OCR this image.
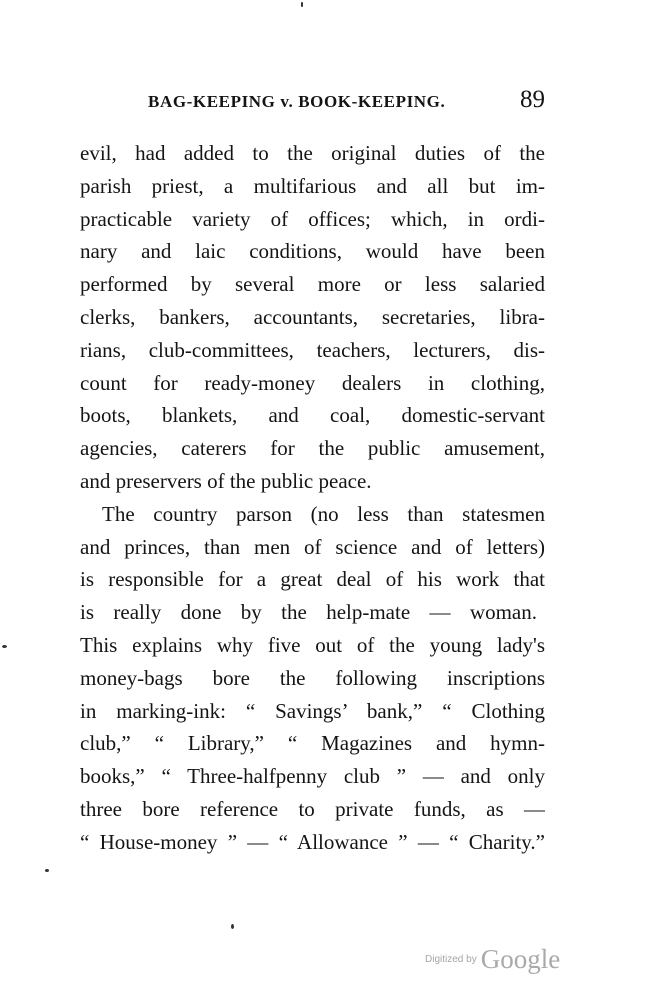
BAG-KEEPING v. BOOK-KEEPING.	89
evil, had added to the original duties of the
parish priest, a multifarious and all but im-
practicable variety of offices; which, in ordi-
nary and laic conditions, would have been
performed by several more or less salaried
clerks, bankers, accountants, secretaries, libra-
rians, club-committees, teachers, lecturers, dis-
count for ready-money dealers in clothing,
boots, blankets, and coal, domestic-servant
agencies, caterers for the public amusement,
and preservers of the public peace.
The country parson (no less than statesmen
and princes, than men of science and of letters)
is responsible for a great deal of his work that
is really done by the help-mate — woman.
This explains why five out of the young lady's
money-bags bore the following inscriptions
in marking-ink: “ Savings’ bank,” “ Clothing
club,” “ Library,” “ Magazines and hymn-
books,” “ Three-halfpenny club ” — and only
three bore reference to private funds, as —
“ House-money ” — “ Allowance ” — “ Charity.”
Digitized by Google
